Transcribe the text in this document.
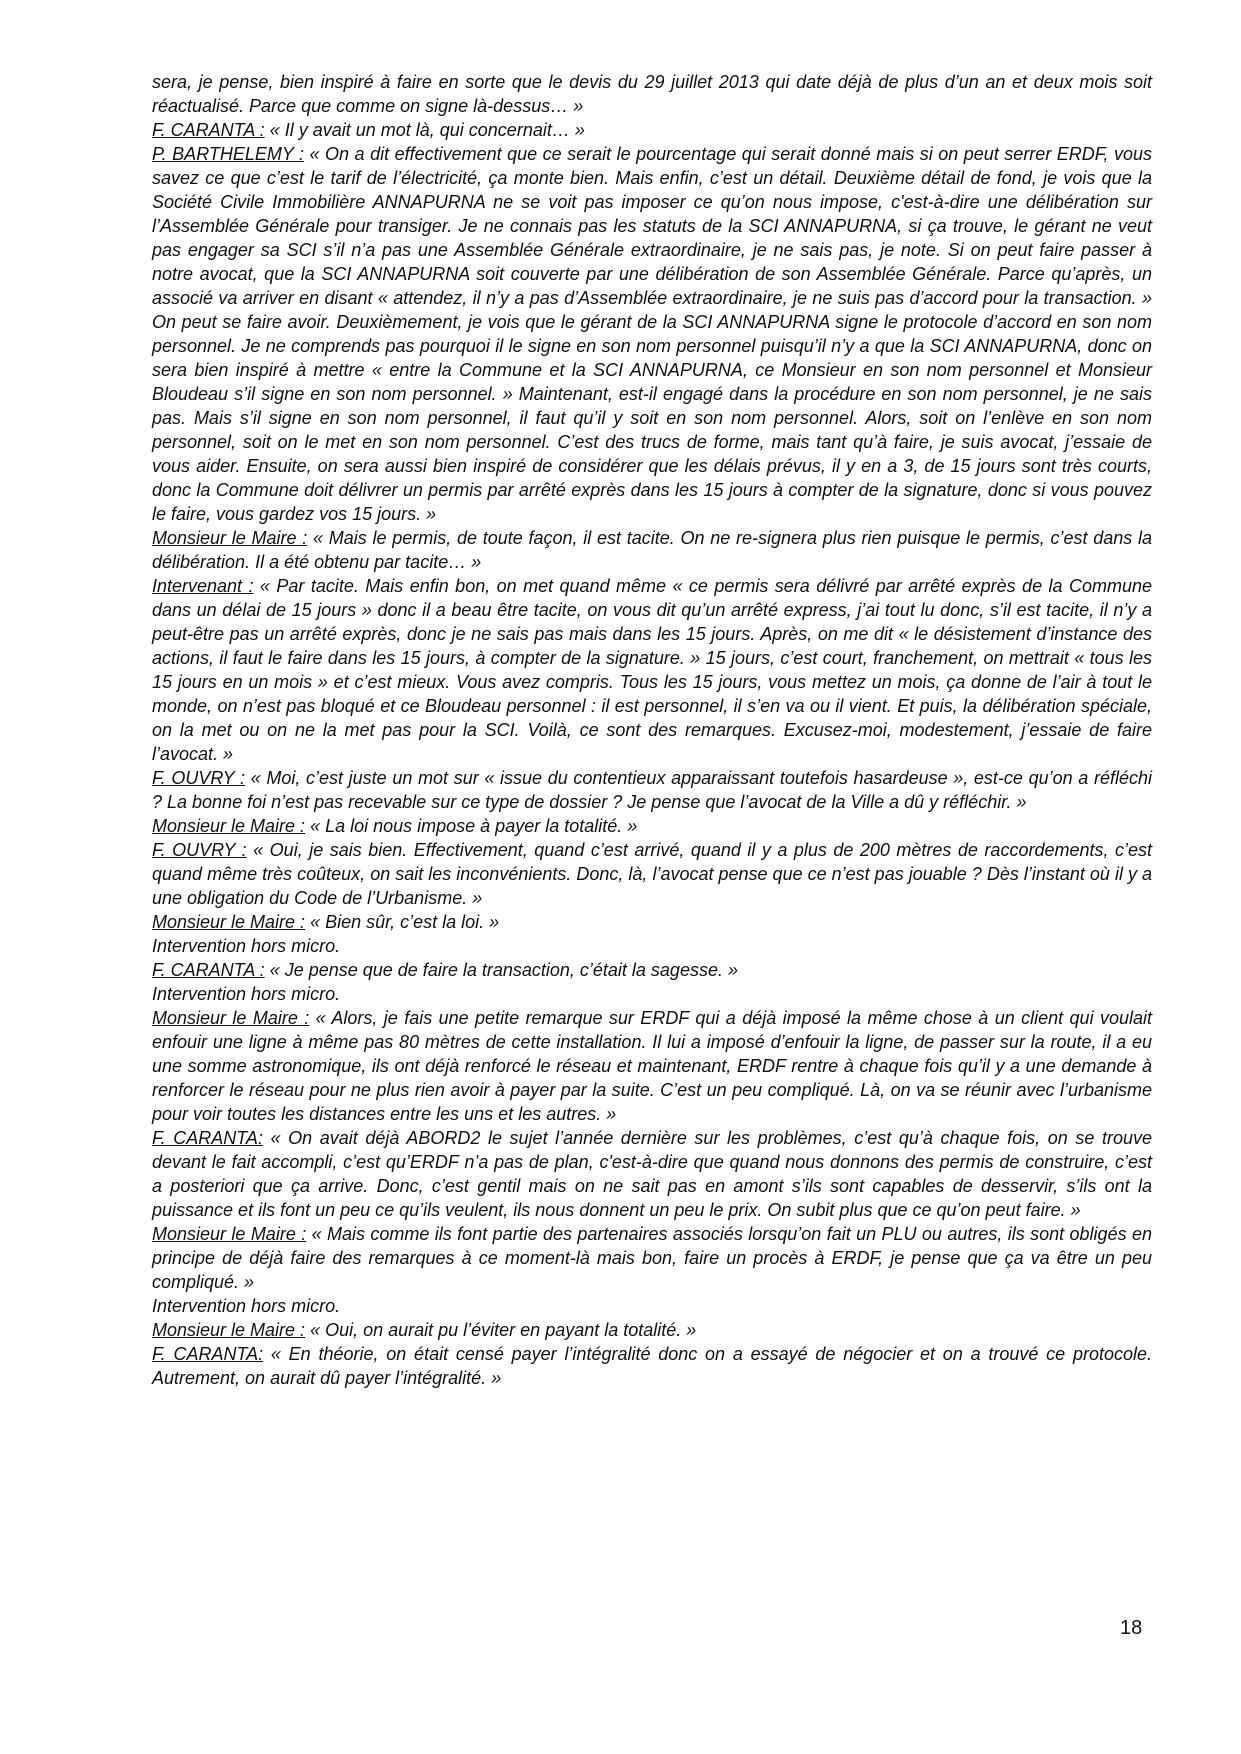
sera, je pense, bien inspiré à faire en sorte que le devis du 29 juillet 2013 qui date déjà de plus d’un an et deux mois soit réactualisé. Parce que comme on signe là-dessus… »

F. CARANTA : « Il y avait un mot là, qui concernait… »

P. BARTHELEMY : « On a dit effectivement que ce serait le pourcentage qui serait donné mais si on peut serrer ERDF, vous savez ce que c’est le tarif de l’électricité, ça monte bien. Mais enfin, c’est un détail. Deuxième détail de fond, je vois que la Société Civile Immobilière ANNAPURNA ne se voit pas imposer ce qu’on nous impose, c'est-à-dire une délibération sur l’Assemblée Générale pour transiger. Je ne connais pas les statuts de la SCI ANNAPURNA, si ça trouve, le gérant ne veut pas engager sa SCI s’il n’a pas une Assemblée Générale extraordinaire, je ne sais pas, je note. Si on peut faire passer à notre avocat, que la SCI ANNAPURNA soit couverte par une délibération de son Assemblée Générale. Parce qu’après, un associé va arriver en disant « attendez, il n’y a pas d’Assemblée extraordinaire, je ne suis pas d’accord pour la transaction. » On peut se faire avoir. Deuxièmement, je vois que le gérant de la SCI ANNAPURNA signe le protocole d’accord en son nom personnel. Je ne comprends pas pourquoi il le signe en son nom personnel puisqu’il n’y a que la SCI ANNAPURNA, donc on sera bien inspiré à mettre « entre la Commune et la SCI ANNAPURNA, ce Monsieur en son nom personnel et Monsieur Bloudeau s’il signe en son nom personnel. » Maintenant, est-il engagé dans la procédure en son nom personnel, je ne sais pas. Mais s’il signe en son nom personnel, il faut qu’il y soit en son nom personnel. Alors, soit on l’enlève en son nom personnel, soit on le met en son nom personnel. C’est des trucs de forme, mais tant qu’à faire, je suis avocat, j’essaie de vous aider. Ensuite, on sera aussi bien inspiré de considérer que les délais prévus, il y en a 3, de 15 jours sont très courts, donc la Commune doit délivrer un permis par arrêté exprès dans les 15 jours à compter de la signature, donc si vous pouvez le faire, vous gardez vos 15 jours. »

Monsieur le Maire : « Mais le permis, de toute façon, il est tacite. On ne re-signera plus rien puisque le permis, c’est dans la délibération. Il a été obtenu par tacite… »

Intervenant : « Par tacite. Mais enfin bon, on met quand même « ce permis sera délivré par arrêté exprès de la Commune dans un délai de 15 jours » donc il a beau être tacite, on vous dit qu’un arrêté express, j’ai tout lu donc, s’il est tacite, il n’y a peut-être pas un arrêté exprès, donc je ne sais pas mais dans les 15 jours. Après, on me dit « le désistement d’instance des actions, il faut le faire dans les 15 jours, à compter de la signature. » 15 jours, c’est court, franchement, on mettrait « tous les 15 jours en un mois » et c’est mieux. Vous avez compris. Tous les 15 jours, vous mettez un mois, ça donne de l’air à tout le monde, on n’est pas bloqué et ce Bloudeau personnel : il est personnel, il s’en va ou il vient. Et puis, la délibération spéciale, on la met ou on ne la met pas pour la SCI. Voilà, ce sont des remarques. Excusez-moi, modestement, j’essaie de faire l’avocat. »

F. OUVRY : « Moi, c’est juste un mot sur « issue du contentieux apparaissant toutefois hasardeuse », est-ce qu’on a réfléchi ? La bonne foi n’est pas recevable sur ce type de dossier ? Je pense que l’avocat de la Ville a dû y réfléchir. »

Monsieur le Maire : « La loi nous impose à payer la totalité. »

F. OUVRY : « Oui, je sais bien. Effectivement, quand c’est arrivé, quand il y a plus de 200 mètres de raccordements, c’est quand même très coûteux, on sait les inconvénients. Donc, là, l’avocat pense que ce n’est pas jouable ? Dès l’instant où il y a une obligation du Code de l’Urbanisme. »

Monsieur le Maire : « Bien sûr, c’est la loi. »

Intervention hors micro.

F. CARANTA : « Je pense que de faire la transaction, c’était la sagesse. »

Intervention hors micro.

Monsieur le Maire : « Alors, je fais une petite remarque sur ERDF qui a déjà imposé la même chose à un client qui voulait enfouir une ligne à même pas 80 mètres de cette installation. Il lui a imposé d’enfouir la ligne, de passer sur la route, il a eu une somme astronomique, ils ont déjà renforcé le réseau et maintenant, ERDF rentre à chaque fois qu’il y a une demande à renforcer le réseau pour ne plus rien avoir à payer par la suite. C’est un peu compliqué. Là, on va se réunir avec l’urbanisme pour voir toutes les distances entre les uns et les autres. »

F. CARANTA: « On avait déjà ABORD2 le sujet l’année dernière sur les problèmes, c’est qu’à chaque fois, on se trouve devant le fait accompli, c’est qu’ERDF n’a pas de plan, c'est-à-dire que quand nous donnons des permis de construire, c’est a posteriori que ça arrive. Donc, c’est gentil mais on ne sait pas en amont s’ils sont capables de desservir, s’ils ont la puissance et ils font un peu ce qu’ils veulent, ils nous donnent un peu le prix. On subit plus que ce qu’on peut faire. »

Monsieur le Maire : « Mais comme ils font partie des partenaires associés lorsqu’on fait un PLU ou autres, ils sont obligés en principe de déjà faire des remarques à ce moment-là mais bon, faire un procès à ERDF, je pense que ça va être un peu compliqué. »

Intervention hors micro.

Monsieur le Maire : « Oui, on aurait pu l’éviter en payant la totalité. »

F. CARANTA: « En théorie, on était censé payer l’intégralité donc on a essayé de négocier et on a trouvé ce protocole. Autrement, on aurait dû payer l’intégralité. »

18
